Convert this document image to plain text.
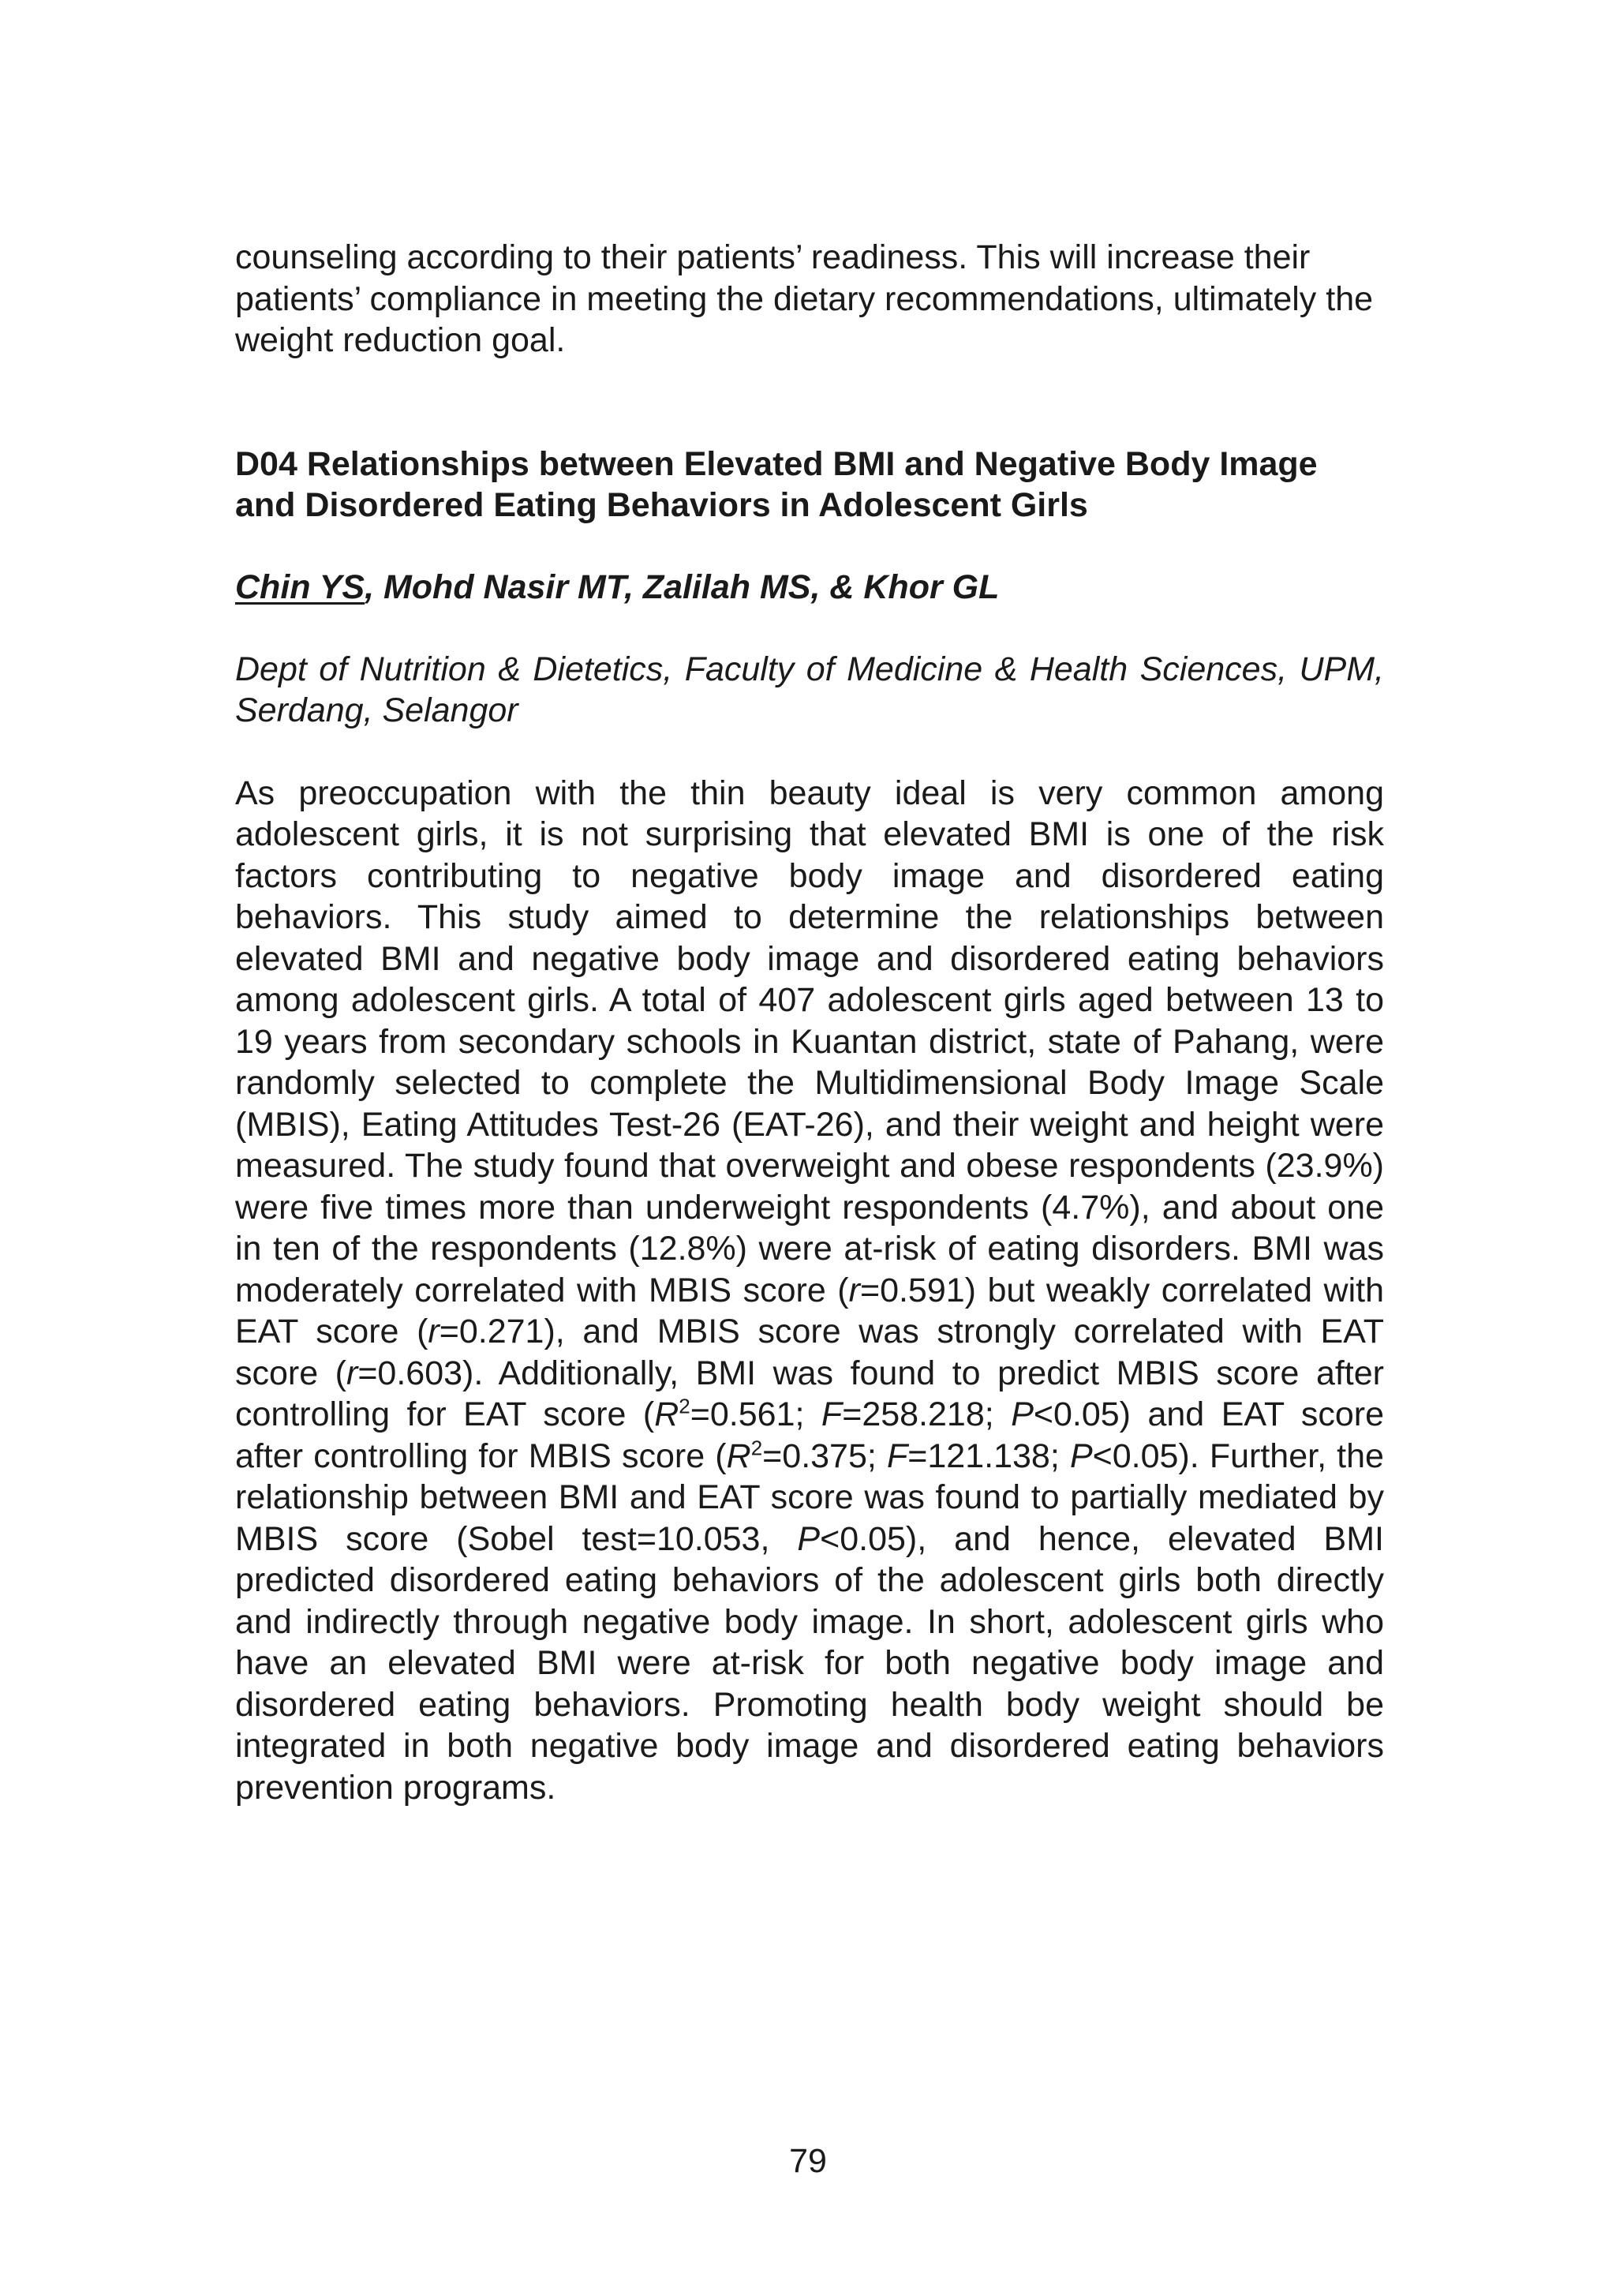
counseling according to their patients’ readiness. This will increase their patients’ compliance in meeting the dietary recommendations, ultimately the weight reduction goal.

D04 Relationships between Elevated BMI and Negative Body Image and Disordered Eating Behaviors in Adolescent Girls

Chin YS, Mohd Nasir MT, Zalilah MS, & Khor GL

Dept of Nutrition & Dietetics, Faculty of Medicine & Health Sciences, UPM, Serdang, Selangor

As preoccupation with the thin beauty ideal is very common among adolescent girls, it is not surprising that elevated BMI is one of the risk factors contributing to negative body image and disordered eating behaviors. This study aimed to determine the relationships between elevated BMI and negative body image and disordered eating behaviors among adolescent girls. A total of 407 adolescent girls aged between 13 to 19 years from secondary schools in Kuantan district, state of Pahang, were randomly selected to complete the Multidimensional Body Image Scale (MBIS), Eating Attitudes Test-26 (EAT-26), and their weight and height were measured. The study found that overweight and obese respondents (23.9%) were five times more than underweight respondents (4.7%), and about one in ten of the respondents (12.8%) were at-risk of eating disorders. BMI was moderately correlated with MBIS score (r=0.591) but weakly correlated with EAT score (r=0.271), and MBIS score was strongly correlated with EAT score (r=0.603). Additionally, BMI was found to predict MBIS score after controlling for EAT score ($R^2=0.561$; F=258.218; P<0.05) and EAT score after controlling for MBIS score ($R^2=0.375$; F=121.138; P<0.05). Further, the relationship between BMI and EAT score was found to partially mediated by MBIS score (Sobel test=10.053, P<0.05), and hence, elevated BMI predicted disordered eating behaviors of the adolescent girls both directly and indirectly through negative body image. In short, adolescent girls who have an elevated BMI were at-risk for both negative body image and disordered eating behaviors. Promoting health body weight should be integrated in both negative body image and disordered eating behaviors prevention programs.

79
